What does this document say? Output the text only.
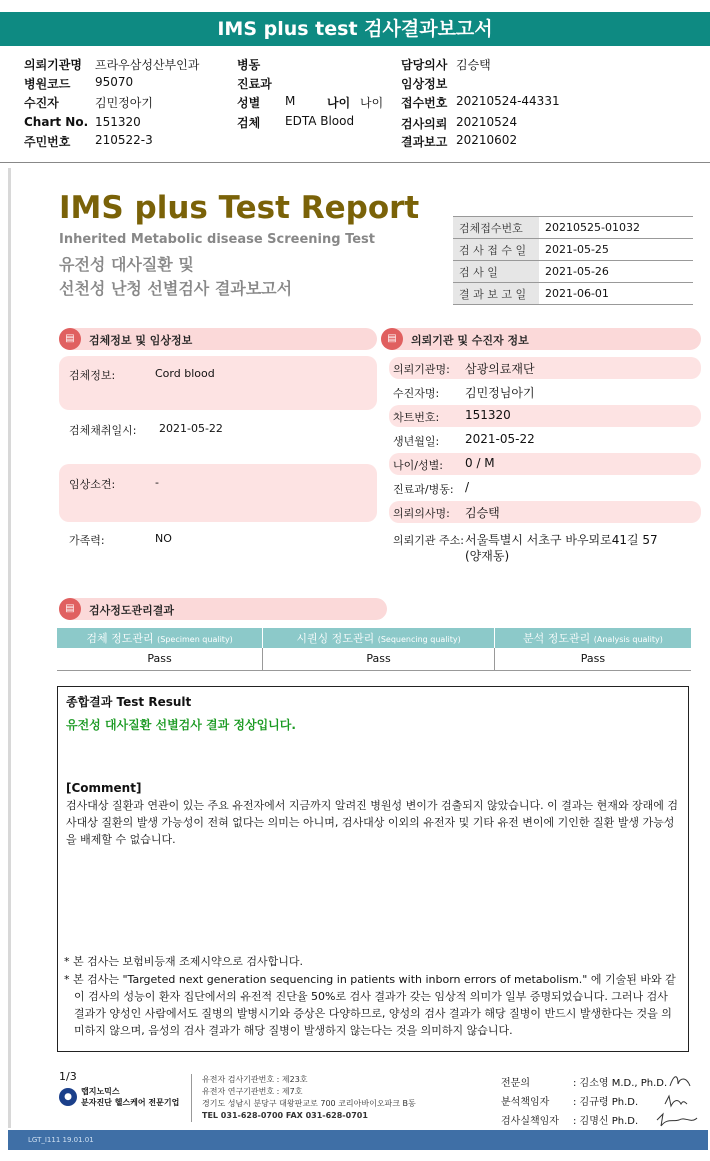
IMS plus test 검사결과보고서
의뢰기관명 프라우삼성산부인과
병원코드 95070
수진자	김민정아기
Chart No. 151320
주민번호 210522-3
병동
진료과
성별 M	나이 나이
검체 EDTA Blood
담당의사 김승택
임상정보
접수번호 20210524-44331
검사의뢰 20210524
결과보고 20210602
IMS plus Test Report
Inherited Metabolic disease Screening Test
유전성 대사질환 및
선천성 난청 선별검사 결과보고서
검체접수번호	20210525-01032
검 사 접 수 일	2021-05-25
검 사 일	2021-05-26
결 과 보 고 일	2021-06-01
▤	검체정보 및 임상정보
검체정보:	Cord blood
검체채취일시: 2021-05-22
임상소견:	-
가족력:	NO
▤	의뢰기관 및 수진자 정보
의뢰기관명: 삼광의료재단
수진자명: 김민정님아기
차트번호: 151320
생년월일: 2021-05-22
나이/성별: 0 / M
진료과/병동: /
의뢰의사명: 김승택
의뢰기관 주소: 서울특별시 서초구 바우뫼로41길 57
(양재동)
▤	검사정도관리결과
검체 정도관리 (Specimen quality)	시퀀싱 정도관리 (Sequencing quality)	분석 정도관리 (Analysis quality)
Pass	Pass	Pass
종합결과 Test Result
유전성 대사질환 선별검사 결과 정상입니다.
[Comment]
검사대상 질환과 연관이 있는 주요 유전자에서 지금까지 알려진 병원성 변이가 검출되지 않았습니다. 이 결과는 현재와 장래에 검사대상 질환의 발생 가능성이 전혀 없다는 의미는 아니며, 검사대상 이외의 유전자 및 기타 유전 변이에 기인한 질환 발생 가능성을 배제할 수 없습니다.
* 본 검사는 보험비등재 조제시약으로 검사합니다.
* 본 검사는 "Targeted next generation sequencing in patients with inborn errors of metabolism." 에 기술된 바와 같이 검사의 성능이 환자 집단에서의 유전적 진단율 50%로 검사 결과가 갖는 임상적 의미가 일부 증명되었습니다. 그러나 검사 결과가 양성인 사람에서도 질병의 발병시기와 증상은 다양하므로, 양성의 검사 결과가 해당 질병이 반드시 발생한다는 것을 의미하지 않으며, 음성의 검사 결과가 해당 질병이 발생하지 않는다는 것을 의미하지 않습니다.
1/3
●
랩지노믹스
분자진단 헬스케어 전문기업
유전자 검사기관번호 : 제23호
유전자 연구기관번호 : 제7호
경기도 성남시 분당구 대왕판교로 700 코리아바이오파크 B동
TEL 031-628-0700 FAX 031-628-0701
전문의	: 김소영 M.D., Ph.D.
분석책임자 : 김규령 Ph.D.
검사실책임자 : 김명신 Ph.D.
LGT_I111 19.01.01
